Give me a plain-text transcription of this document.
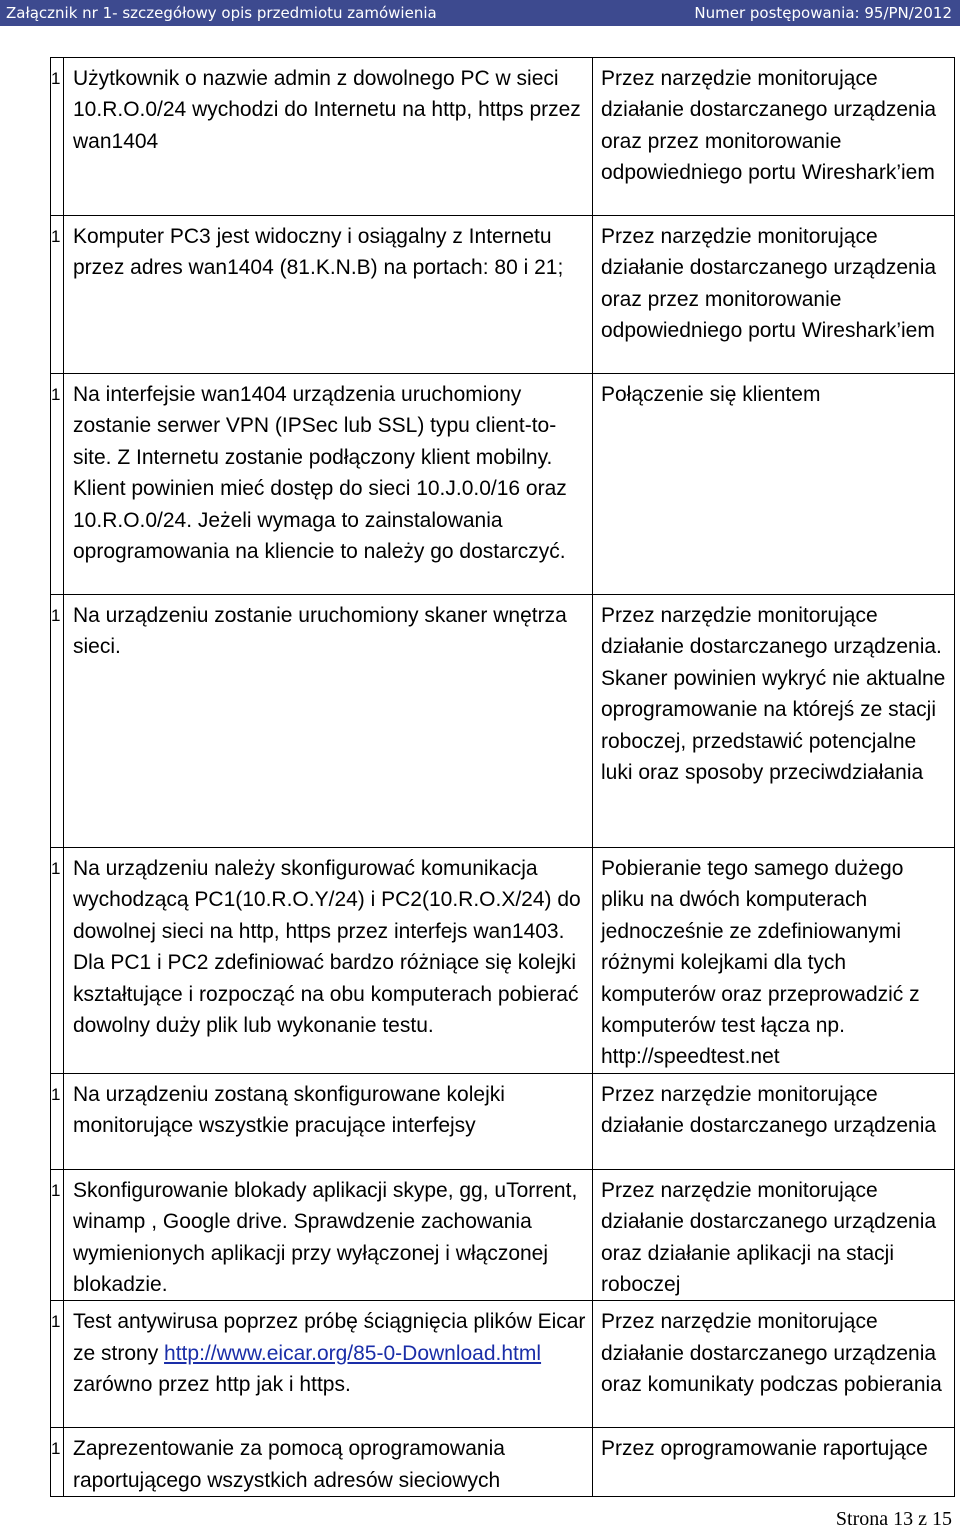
Załącznik nr 1- szczegółowy opis przedmiotu zamówienia	Numer postępowania: 95/PN/2012
1	Użytkownik o nazwie admin z dowolnego PC w sieci 10.R.O.0/24 wychodzi do Internetu na http, https przez wan1404	Przez narzędzie monitorujące działanie dostarczanego urządzenia oraz przez monitorowanie odpowiedniego portu Wireshark’iem
1	Komputer PC3 jest widoczny i osiągalny z Internetu przez adres wan1404 (81.K.N.B) na portach: 80 i 21;	Przez narzędzie monitorujące działanie dostarczanego urządzenia oraz przez monitorowanie odpowiedniego portu Wireshark’iem
1	Na interfejsie wan1404 urządzenia uruchomiony zostanie serwer VPN (IPSec lub SSL) typu client-to-site. Z Internetu zostanie podłączony klient mobilny. Klient powinien mieć dostęp do sieci 10.J.0.0/16 oraz 10.R.O.0/24. Jeżeli wymaga to zainstalowania oprogramowania na kliencie to należy go dostarczyć.	Połączenie się klientem
1	Na urządzeniu zostanie uruchomiony skaner wnętrza sieci.	Przez narzędzie monitorujące działanie dostarczanego urządzenia. Skaner powinien wykryć nie aktualne oprogramowanie na którejś ze stacji roboczej, przedstawić potencjalne luki oraz sposoby przeciwdziałania
1	Na urządzeniu należy skonfigurować komunikacja wychodzącą PC1(10.R.O.Y/24) i PC2(10.R.O.X/24) do dowolnej sieci na http, https przez interfejs wan1403. Dla PC1 i PC2 zdefiniować bardzo różniące się kolejki kształtujące i rozpocząć na obu komputerach pobierać dowolny duży plik lub wykonanie testu.	Pobieranie tego samego dużego pliku na dwóch komputerach jednocześnie ze zdefiniowanymi różnymi kolejkami dla tych komputerów oraz przeprowadzić z komputerów test łącza np. http://speedtest.net
1	Na urządzeniu zostaną skonfigurowane kolejki monitorujące wszystkie pracujące interfejsy	Przez narzędzie monitorujące działanie dostarczanego urządzenia
1	Skonfigurowanie blokady aplikacji skype, gg, uTorrent, winamp , Google drive. Sprawdzenie zachowania wymienionych aplikacji przy wyłączonej i włączonej blokadzie.	Przez narzędzie monitorujące działanie dostarczanego urządzenia oraz działanie aplikacji na stacji roboczej
1	Test antywirusa poprzez próbę ściągnięcia plików Eicar ze strony http://www.eicar.org/85-0-Download.html zarówno przez http jak i https.	Przez narzędzie monitorujące działanie dostarczanego urządzenia oraz komunikaty podczas pobierania
1	Zaprezentowanie za pomocą oprogramowania raportującego wszystkich adresów sieciowych	Przez oprogramowanie raportujące
Strona 13 z 15
